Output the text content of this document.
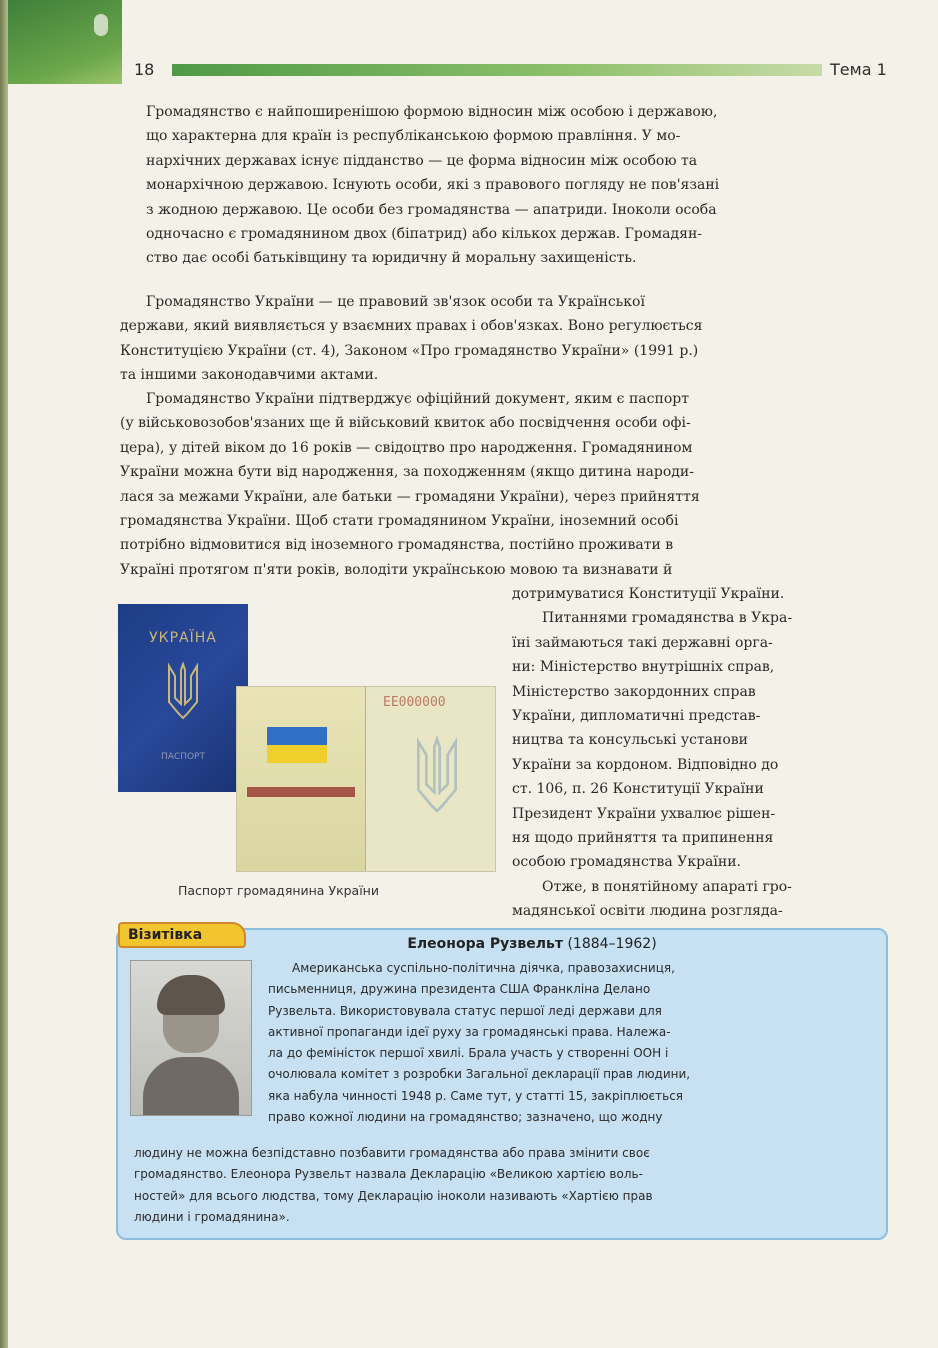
18	Тема 1
Громадянство є найпоширенішою формою відносин між особою і державою,
що характерна для країн із республіканською формою правління. У мо-
нархічних державах існує підданство — це форма відносин між особою та
монархічною державою. Існують особи, які з правового погляду не пов'язані
з жодною державою. Це особи без громадянства — апатриди. Іноколи особа
одночасно є громадянином двох (біпатрид) або кількох держав. Громадян-
ство дає особі батьківщину та юридичну й моральну захищеність.
Громадянство України — це правовий зв'язок особи та Української
держави, який виявляється у взаємних правах і обов'язках. Воно регулюється
Конституцією України (ст. 4), Законом «Про громадянство України» (1991 р.)
та іншими законодавчими актами.
Громадянство України підтверджує офіційний документ, яким є паспорт
(у військовозобов'язаних ще й військовий квиток або посвідчення особи офі-
цера), у дітей віком до 16 років — свідоцтво про народження. Громадянином
України можна бути від народження, за походженням (якщо дитина народи-
лася за межами України, але батьки — громадяни України), через прийняття
громадянства України. Щоб стати громадянином України, іноземний особі
потрібно відмовитися від іноземного громадянства, постійно проживати в
Україні протягом п'яти років, володіти українською мовою та визнавати й
дотримуватися Конституції України.
Питаннями громадянства в Укра-
їні займаються такі державні орга-
ни: Міністерство внутрішніх справ,
Міністерство закордонних справ
України, дипломатичні представ-
ництва та консульські установи
України за кордоном. Відповідно до
ст. 106, п. 26 Конституції України
Президент України ухвалює рішен-
ня щодо прийняття та припинення
особою громадянства України.
Отже, в понятійному апараті гро-
мадянської освіти людина розгляда-
УКРАЇНА
ПАСПОРТ
ЕЕ000000
Паспорт громадянина України
Візитівка
Елеонора Рузвельт (1884–1962)
Американська суспільно-політична діячка, правозахисниця,
письменниця, дружина президента США Франкліна Делано
Рузвельта. Використовувала статус першої леді держави для
активної пропаганди ідеї руху за громадянські права. Належа-
ла до феміністок першої хвилі. Брала участь у створенні ООН і
очолювала комітет з розробки Загальної декларації прав людини,
яка набула чинності 1948 р. Саме тут, у статті 15, закріплюється
право кожної людини на громадянство; зазначено, що жодну
людину не можна безпідставно позбавити громадянства або права змінити своє
громадянство. Елеонора Рузвельт назвала Декларацію «Великою хартією воль-
ностей» для всього людства, тому Декларацію іноколи називають «Хартією прав
людини і громадянина».
